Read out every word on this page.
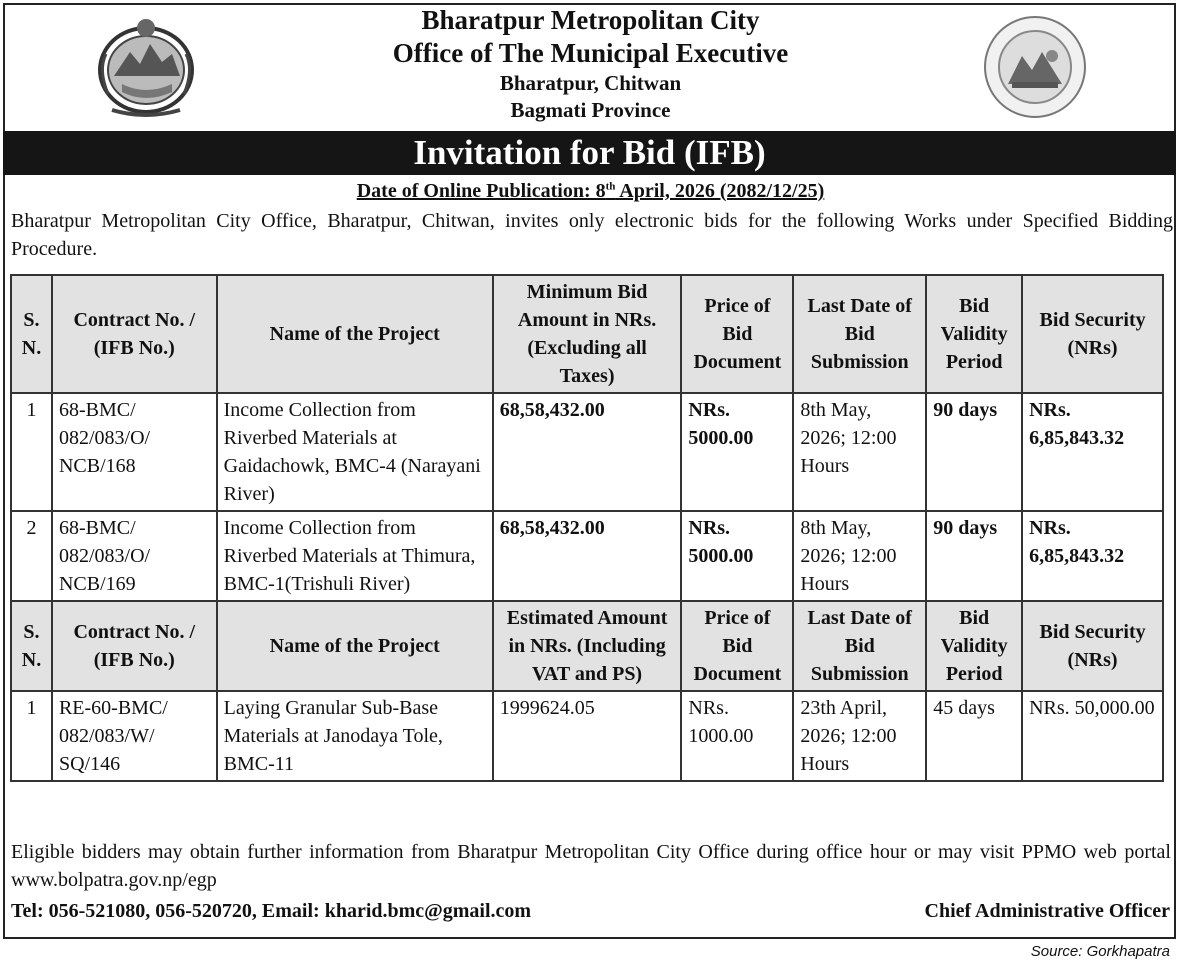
Bharatpur Metropolitan City
Office of The Municipal Executive
Bharatpur, Chitwan
Bagmati Province
Invitation for Bid (IFB)
Date of Online Publication: 8th April, 2026 (2082/12/25)
Bharatpur Metropolitan City Office, Bharatpur, Chitwan, invites only electronic bids for the following Works under Specified Bidding Procedure.
S. N.	Contract No. / (IFB No.)	Name of the Project	Minimum Bid Amount in NRs. (Excluding all Taxes)	Price of Bid Document	Last Date of Bid Submission	Bid Validity Period	Bid Security (NRs)
1	68-BMC/ 082/083/O/ NCB/168	Income Collection from Riverbed Materials at Gaidachowk, BMC-4 (Narayani River)	68,58,432.00	NRs. 5000.00	8th May, 2026; 12:00 Hours	90 days	NRs. 6,85,843.32
2	68-BMC/ 082/083/O/ NCB/169	Income Collection from Riverbed Materials at Thimura, BMC-1(Trishuli River)	68,58,432.00	NRs. 5000.00	8th May, 2026; 12:00 Hours	90 days	NRs. 6,85,843.32
S. N.	Contract No. / (IFB No.)	Name of the Project	Estimated Amount in NRs. (Including VAT and PS)	Price of Bid Document	Last Date of Bid Submission	Bid Validity Period	Bid Security (NRs)
1	RE-60-BMC/ 082/083/W/ SQ/146	Laying Granular Sub-Base Materials at Janodaya Tole, BMC-11	1999624.05	NRs. 1000.00	23th April, 2026; 12:00 Hours	45 days	NRs. 50,000.00
Eligible bidders may obtain further information from Bharatpur Metropolitan City Office during office hour or may visit PPMO web portal www.bolpatra.gov.np/egp
Tel: 056-521080, 056-520720, Email: kharid.bmc@gmail.com	Chief Administrative Officer
Source: Gorkhapatra
